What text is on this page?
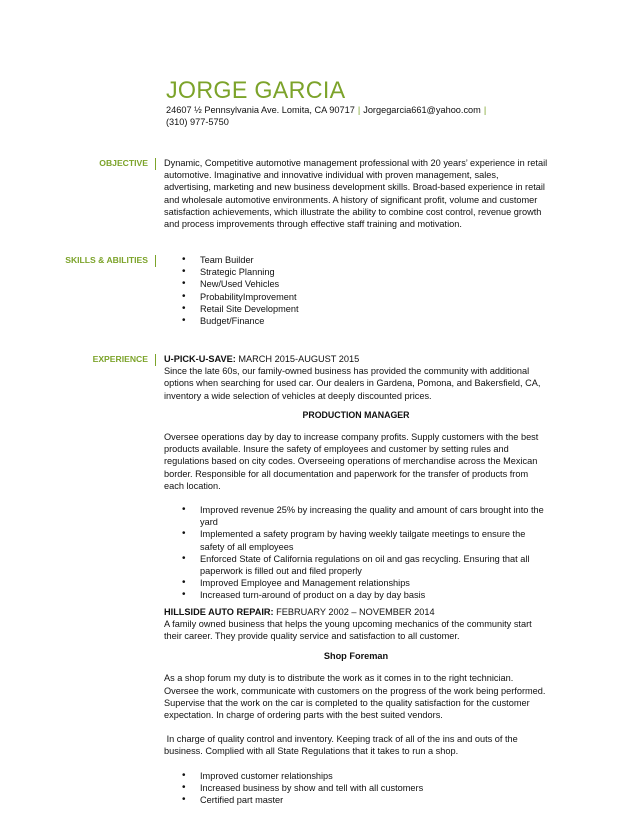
JORGE GARCIA
24607 ½ Pennsylvania Ave. Lomita, CA 90717 | Jorgegarcia661@yahoo.com |
(310) 977-5750
OBJECTIVE Dynamic, Competitive automotive management professional with 20 years’ experience in retail automotive. Imaginative and innovative individual with proven management, sales, advertising, marketing and new business development skills. Broad-based experience in retail and wholesale automotive environments. A history of significant profit, volume and customer satisfaction achievements, which illustrate the ability to combine cost control, revenue growth and process improvements through effective staff training and motivation.

SKILLS & ABILITIES
•	Team Builder
• Strategic Planning
• New/Used Vehicles
• ProbabilityImprovement
• Retail Site Development
• Budget/Finance
EXPERIENCE U-PICK-U-SAVE: MARCH 2015-AUGUST 2015

Since the late 60s, our family-owned business has provided the community with additional options when searching for used car. Our dealers in Gardena, Pomona, and Bakersfield, CA, inventory a wide selection of vehicles at deeply discounted prices.

PRODUCTION MANAGER

Oversee operations day by day to increase company profits. Supply customers with the best products available. Insure the safety of employees and customer by setting rules and regulations based on city codes. Overseeing operations of merchandise across the Mexican border. Responsible for all documentation and paperwork for the transfer of products from each location.

• Improved revenue 25% by increasing the quality and amount of cars brought into the yard
• Implemented a safety program by having weekly tailgate meetings to ensure the safety of all employees
• Enforced State of California regulations on oil and gas recycling. Ensuring that all paperwork is filled out and filed properly
• Improved Employee and Management relationships
• Increased turn-around of product on a day by day basis

HILLSIDE AUTO REPAIR: FEBRUARY 2002 – NOVEMBER 2014

A family owned business that helps the young upcoming mechanics of the community start their career. They provide quality service and satisfaction to all customer.

Shop Foreman

As a shop forum my duty is to distribute the work as it comes in to the right technician. Oversee the work, communicate with customers on the progress of the work being performed. Supervise that the work on the car is completed to the quality satisfaction for the customer expectation. In charge of ordering parts with the best suited vendors.

In charge of quality control and inventory. Keeping track of all of the ins and outs of the business. Complied with all State Regulations that it takes to run a shop.

• Improved customer relationships
• Increased business by show and tell with all customers
• Certified part master
